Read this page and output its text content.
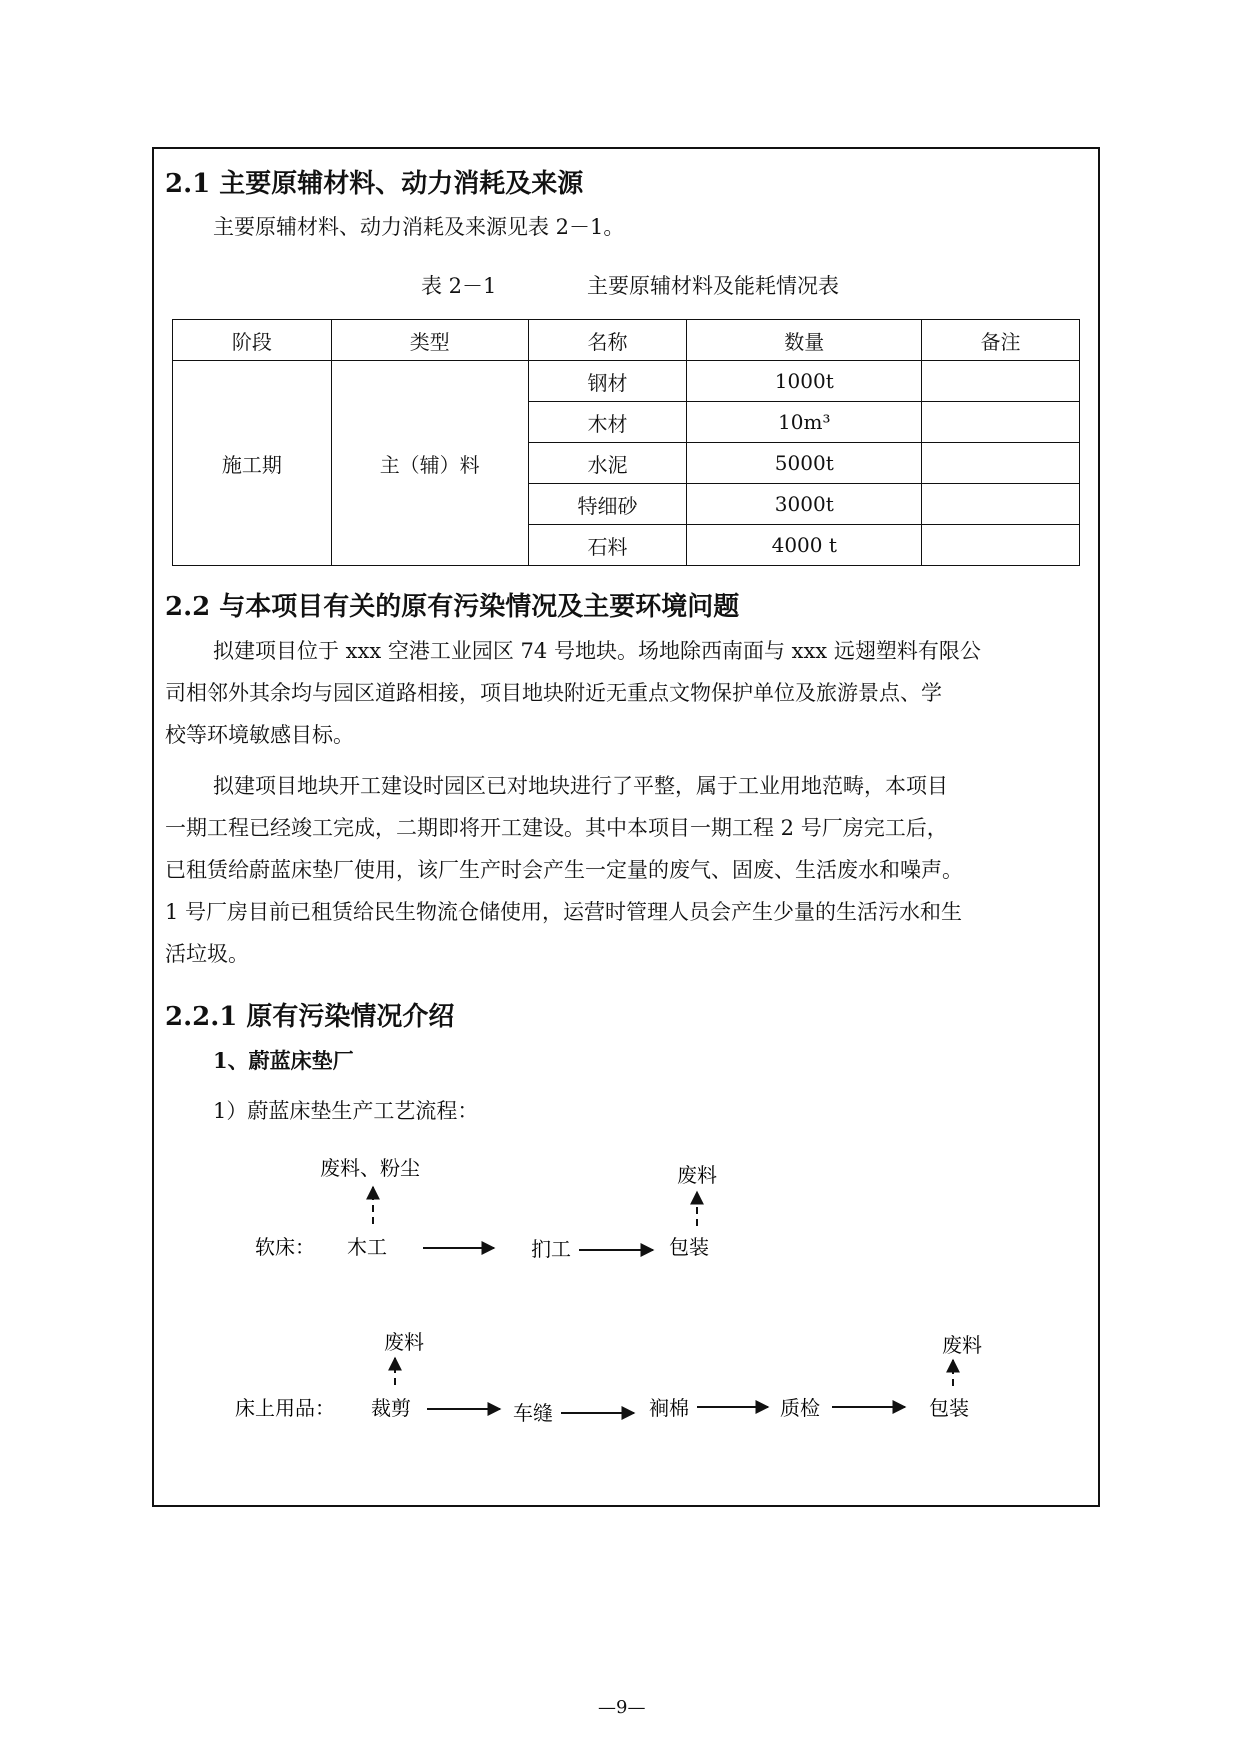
2.1 主要原辅材料、动力消耗及来源
主要原辅材料、动力消耗及来源见表 2－1。
表 2－1	主要原辅材料及能耗情况表
阶段	类型	名称	数量	备注
施工期	主（辅）料	钢材	1000t	
		木材	10m³	
		水泥	5000t	
		特细砂	3000t	
		石料	4000 t	
2.2 与本项目有关的原有污染情况及主要环境问题
拟建项目位于 xxx 空港工业园区 74 号地块。场地除西南面与 xxx 远翅塑料有限公
司相邻外其余均与园区道路相接，项目地块附近无重点文物保护单位及旅游景点、学
校等环境敏感目标。
拟建项目地块开工建设时园区已对地块进行了平整，属于工业用地范畴，本项目
一期工程已经竣工完成，二期即将开工建设。其中本项目一期工程 2 号厂房完工后，
已租赁给蔚蓝床垫厂使用，该厂生产时会产生一定量的废气、固废、生活废水和噪声。
1 号厂房目前已租赁给民生物流仓储使用，运营时管理人员会产生少量的生活污水和生
活垃圾。
2.2.1 原有污染情况介绍
1、蔚蓝床垫厂
1）蔚蓝床垫生产工艺流程：
软床： 木工	扪工	包装
废料、粉尘	废料
床上用品： 裁剪	车缝	裥棉	质检	包装
废料	废料
—9—
